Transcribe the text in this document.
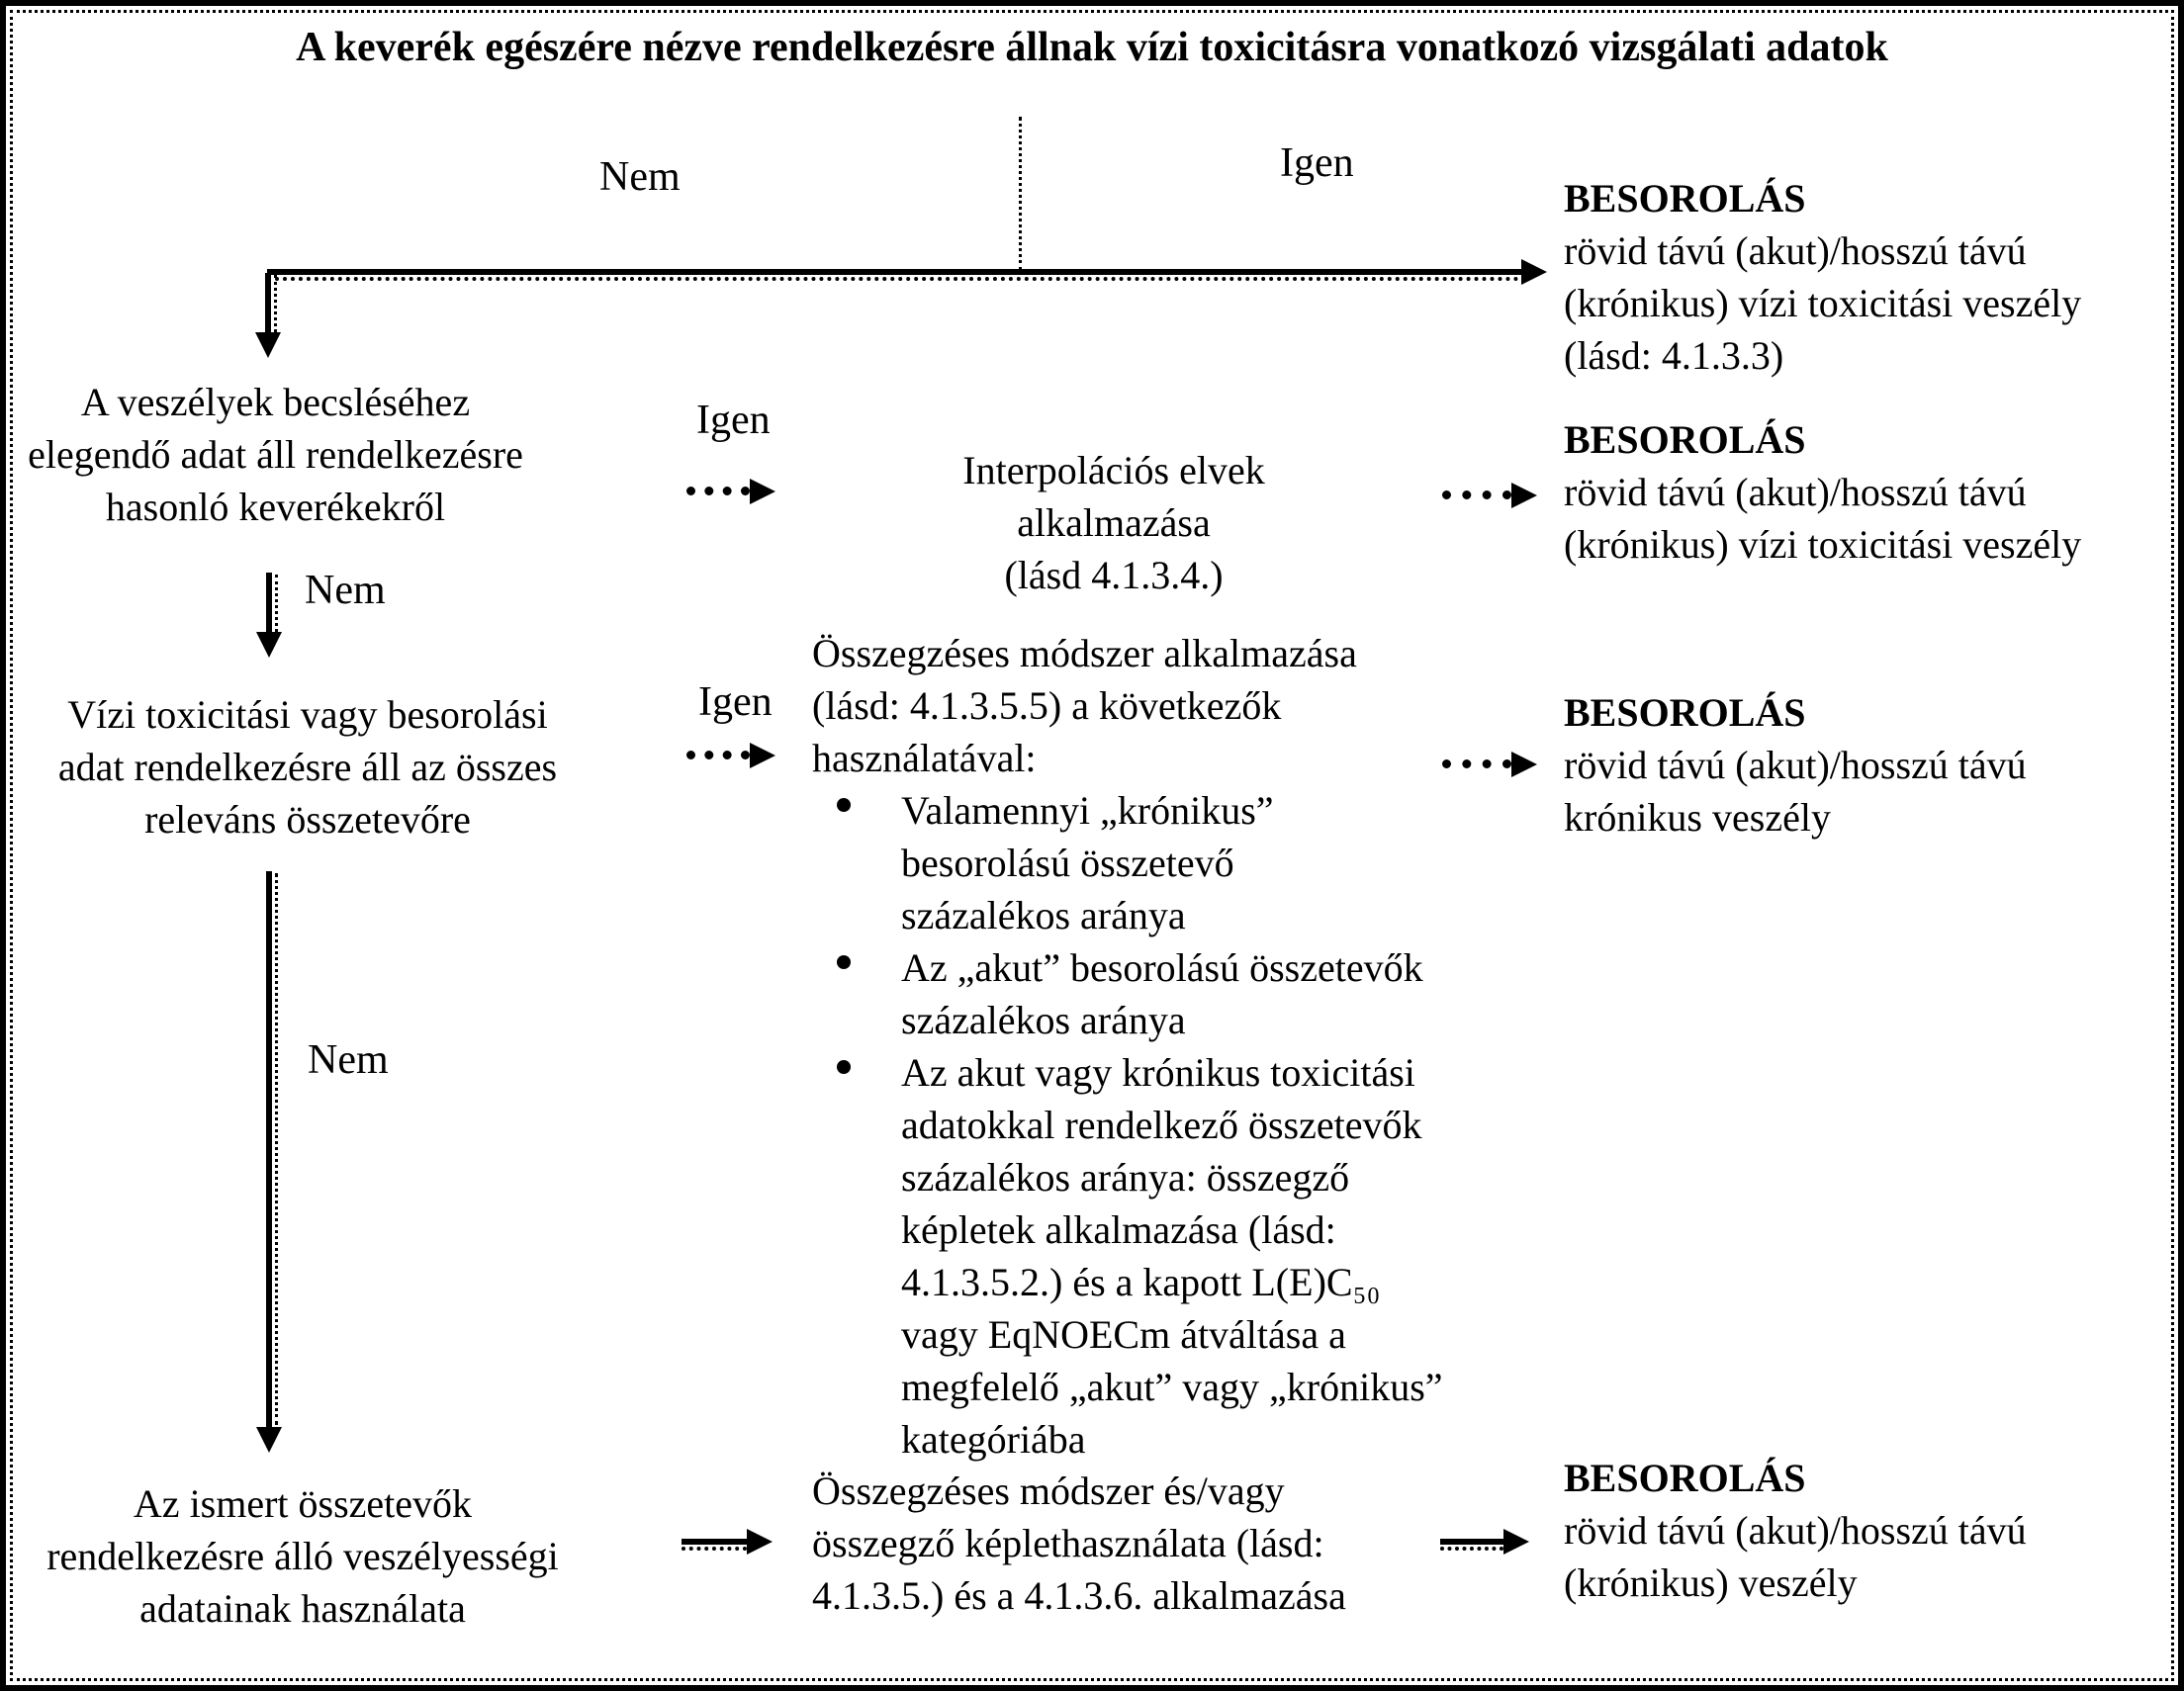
A keverék egészére nézve rendelkezésre állnak vízi toxicitásra vonatkozó vizsgálati adatok
Nem	Igen
A veszélyek becsléséhez
elegendő adat áll rendelkezésre
hasonló keverékekről
Nem
Vízi toxicitási vagy besorolási
adat rendelkezésre áll az összes
releváns összetevőre
Nem
Az ismert összetevők
rendelkezésre álló veszélyességi
adatainak használata
Igen
Interpolációs elvek
alkalmazása
(lásd 4.1.3.4.)
Igen
Összegzéses módszer alkalmazása
(lásd: 4.1.3.5.5) a következők
használatával:
Valamennyi „krónikus”
besorolású összetevő
százalékos aránya
Az „akut” besorolású összetevők
százalékos aránya
Az akut vagy krónikus toxicitási
adatokkal rendelkező összetevők
százalékos aránya: összegző
képletek alkalmazása (lásd:
4.1.3.5.2.) és a kapott L(E)C₅₀
vagy EqNOECm átváltása a
megfelelő „akut” vagy „krónikus”
kategóriába
Összegzéses módszer és/vagy
összegző képlethasználata (lásd:
4.1.3.5.) és a 4.1.3.6. alkalmazása
BESOROLÁS
rövid távú (akut)/hosszú távú
(krónikus) vízi toxicitási veszély
(lásd: 4.1.3.3)
BESOROLÁS
rövid távú (akut)/hosszú távú
(krónikus) vízi toxicitási veszély
BESOROLÁS
rövid távú (akut)/hosszú távú
krónikus veszély
BESOROLÁS
rövid távú (akut)/hosszú távú
(krónikus) veszély
